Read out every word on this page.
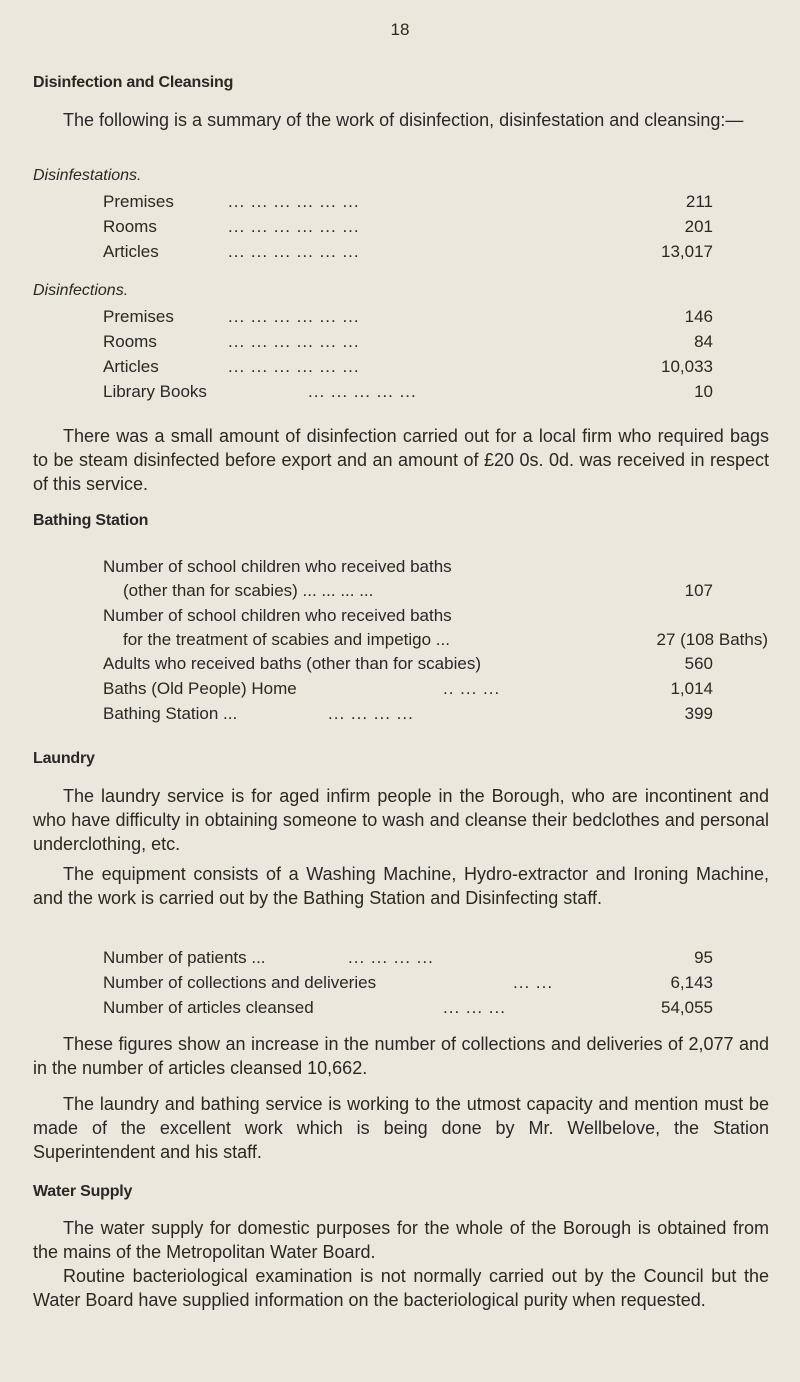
18
Disinfection and Cleansing
The following is a summary of the work of disinfection, disinfestation and cleansing:—
Disinfestations.
Premises	... ... ... ... ... ...	211
Rooms	... ... ... ... ... ...	201
Articles	... ... ... ... ... ...	13,017
Disinfections.
Premises	... ... ... ... ... ...	146
Rooms	... ... ... ... ... ...	84
Articles	... ... ... ... ... ...	10,033
Library Books	... ... ... ... ...	10
There was a small amount of disinfection carried out for a local firm who required bags to be steam disinfected before export and an amount of £20 0s. 0d. was received in respect of this service.
Bathing Station
Number of school children who received baths
(other than for scabies) ... ... ... ...	107
Number of school children who received baths
for the treatment of scabies and impetigo ...	27 (108 Baths)
Adults who received baths (other than for scabies)	560
Baths (Old People) Home	.. ... ...	1,014
Bathing Station ...	... ... ... ...	399
Laundry
The laundry service is for aged infirm people in the Borough, who are incontinent and who have difficulty in obtaining someone to wash and cleanse their bedclothes and personal underclothing, etc.
The equipment consists of a Washing Machine, Hydro-extractor and Ironing Machine, and the work is carried out by the Bathing Station and Disinfecting staff.
Number of patients ...	... ... ... ...	95
Number of collections and deliveries	... ...	6,143
Number of articles cleansed	... ... ...	54,055
These figures show an increase in the number of collections and deliveries of 2,077 and in the number of articles cleansed 10,662.
The laundry and bathing service is working to the utmost capacity and mention must be made of the excellent work which is being done by Mr. Wellbelove, the Station Superintendent and his staff.
Water Supply
The water supply for domestic purposes for the whole of the Borough is obtained from the mains of the Metropolitan Water Board.
Routine bacteriological examination is not normally carried out by the Council but the Water Board have supplied information on the bacteriological purity when requested.
